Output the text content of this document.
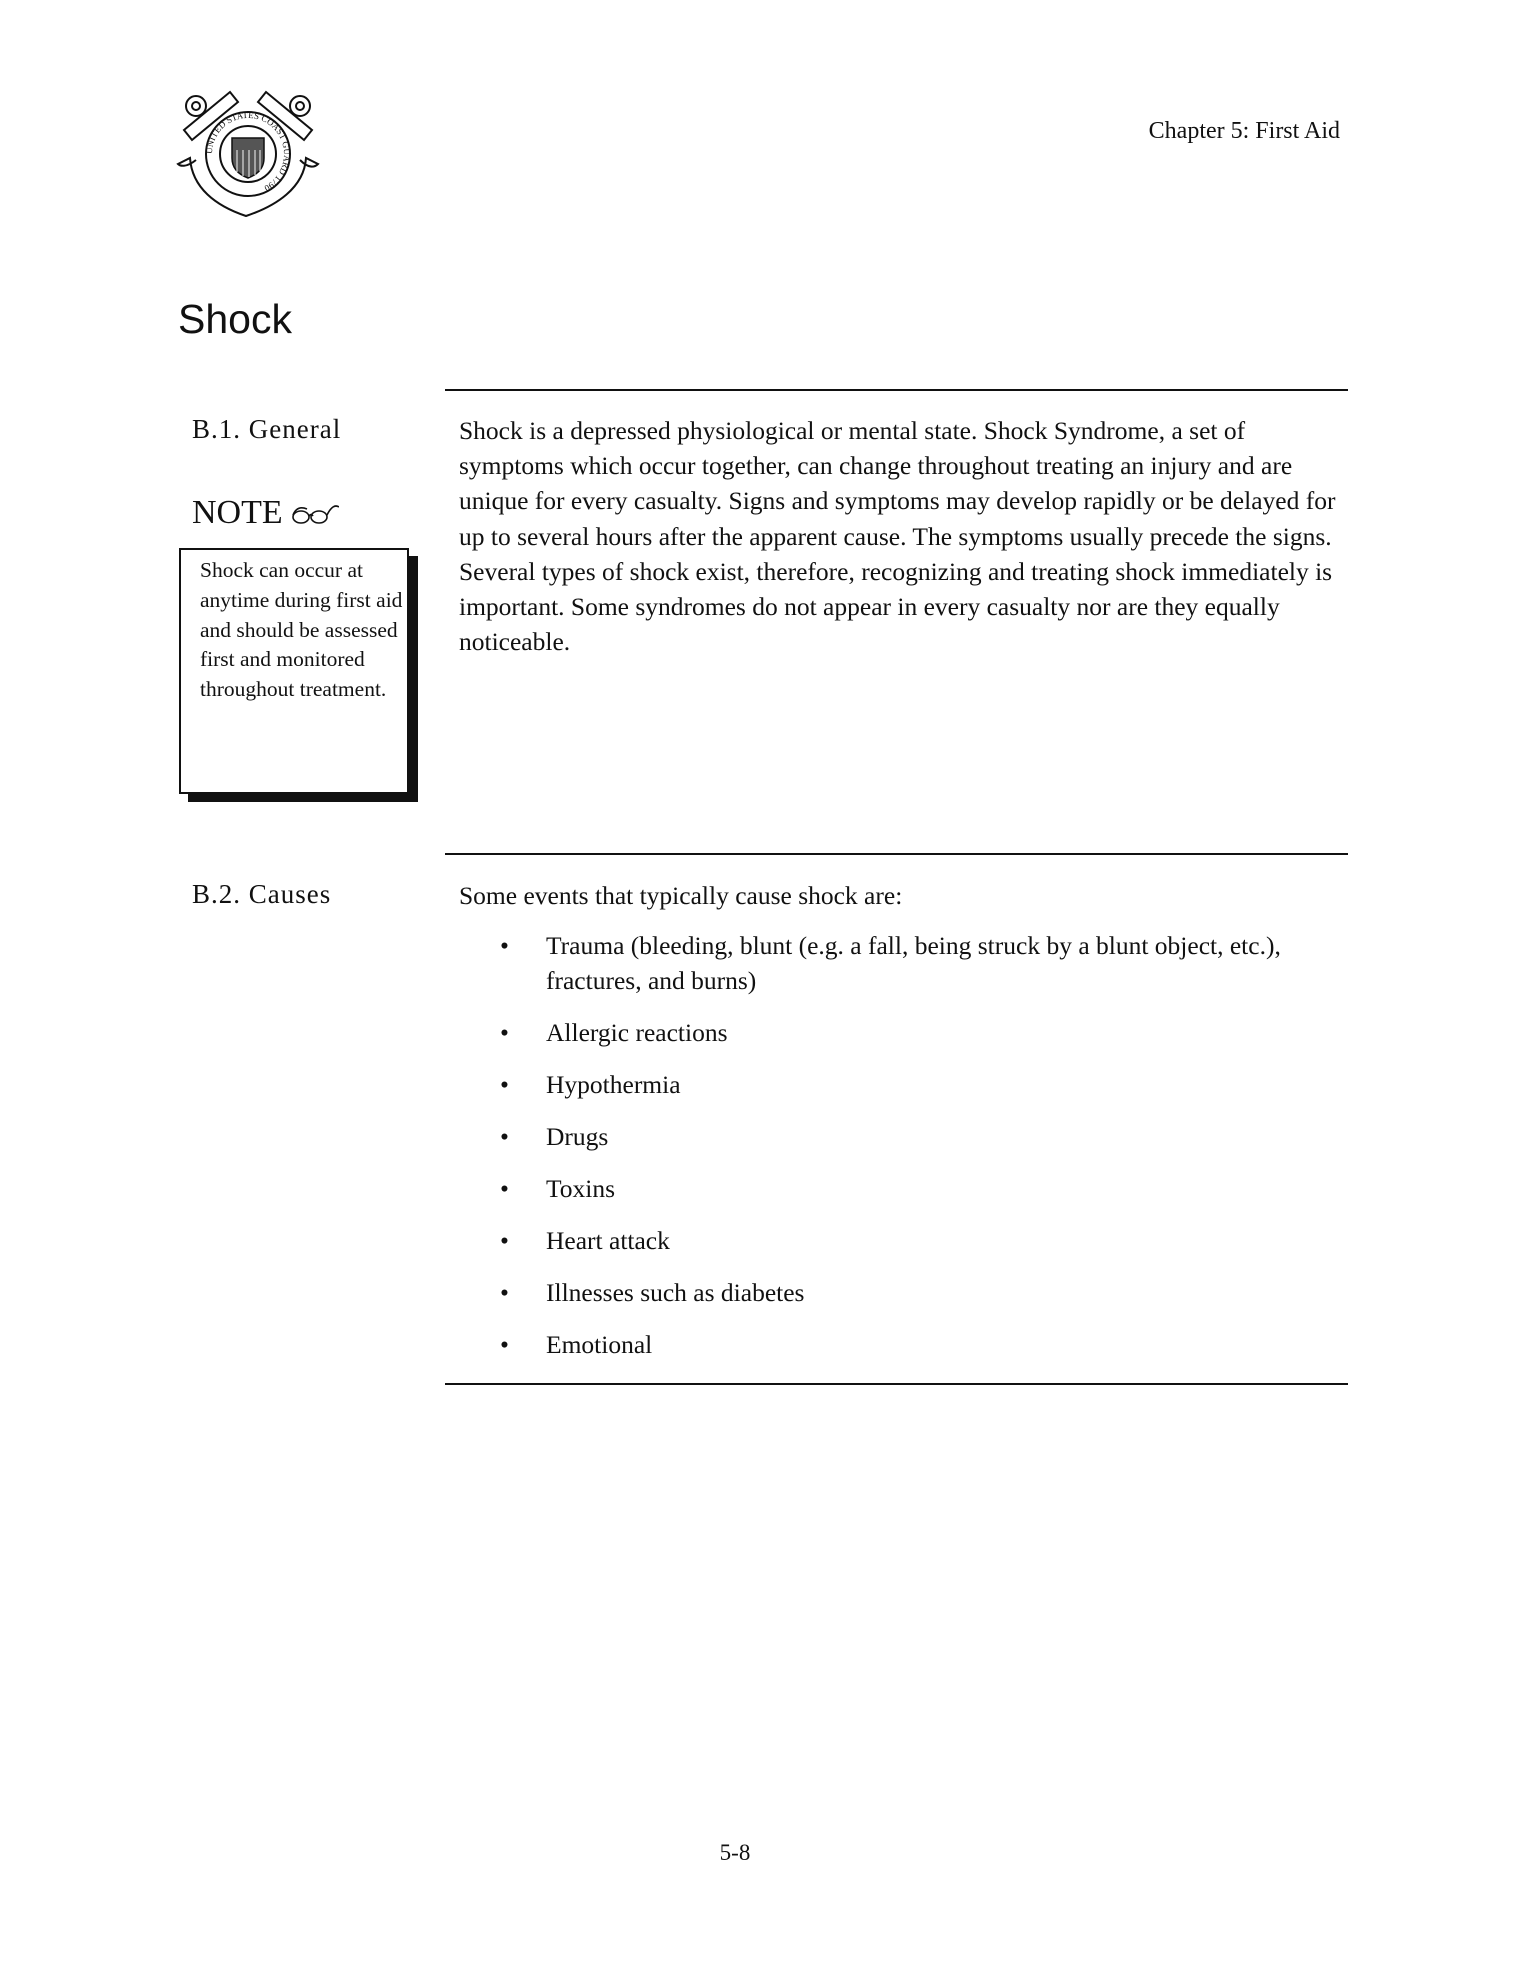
UNITED STATES COAST GUARD 1790
Chapter 5: First Aid
Shock
B.1. General	Shock is a depressed physiological or mental state. Shock Syndrome, a set of symptoms which occur together, can change throughout treating an injury and are unique for every casualty. Signs and symptoms may develop rapidly or be delayed for up to several hours after the apparent cause. The symptoms usually precede the signs. Several types of shock exist, therefore, recognizing and treating shock immediately is important. Some syndromes do not appear in every casualty nor are they equally noticeable.
NOTE
Shock can occur at anytime during first aid and should be assessed first and monitored throughout treatment.
B.2. Causes	Some events that typically cause shock are:
• Trauma (bleeding, blunt (e.g. a fall, being struck by a blunt object, etc.), fractures, and burns)
• Allergic reactions
• Hypothermia
• Drugs
• Toxins
• Heart attack
• Illnesses such as diabetes
• Emotional
5-8
